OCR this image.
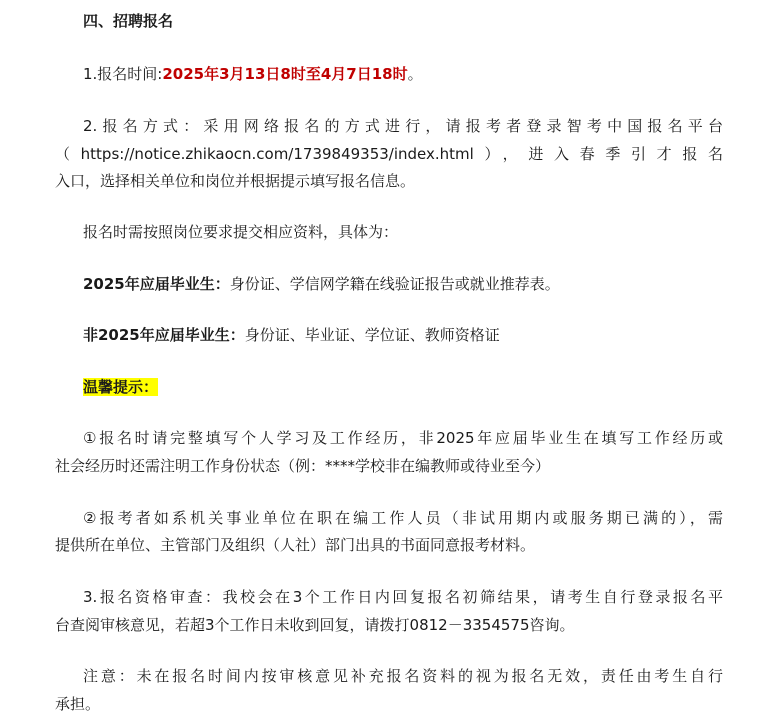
四、招聘报名
1.报名时间:2025年3月13日8时至4月7日18时。
2.报名方式：采用网络报名的方式进行，请报考者登录智考中国报名平台
（https://notice.zhikaocn.com/1739849353/index.html），进入春季引才报名
入口，选择相关单位和岗位并根据提示填写报名信息。
报名时需按照岗位要求提交相应资料，具体为：
2025年应届毕业生：身份证、学信网学籍在线验证报告或就业推荐表。
非2025年应届毕业生：身份证、毕业证、学位证、教师资格证
温馨提示：
①报名时请完整填写个人学习及工作经历，非2025年应届毕业生在填写工作经历或
社会经历时还需注明工作身份状态（例：****学校非在编教师或待业至今）
②报考者如系机关事业单位在职在编工作人员（非试用期内或服务期已满的），需
提供所在单位、主管部门及组织（人社）部门出具的书面同意报考材料。
3.报名资格审查：我校会在3个工作日内回复报名初筛结果，请考生自行登录报名平
台查阅审核意见，若超3个工作日未收到回复，请拨打0812－3354575咨询。
注意：未在报名时间内按审核意见补充报名资料的视为报名无效，责任由考生自行
承担。
